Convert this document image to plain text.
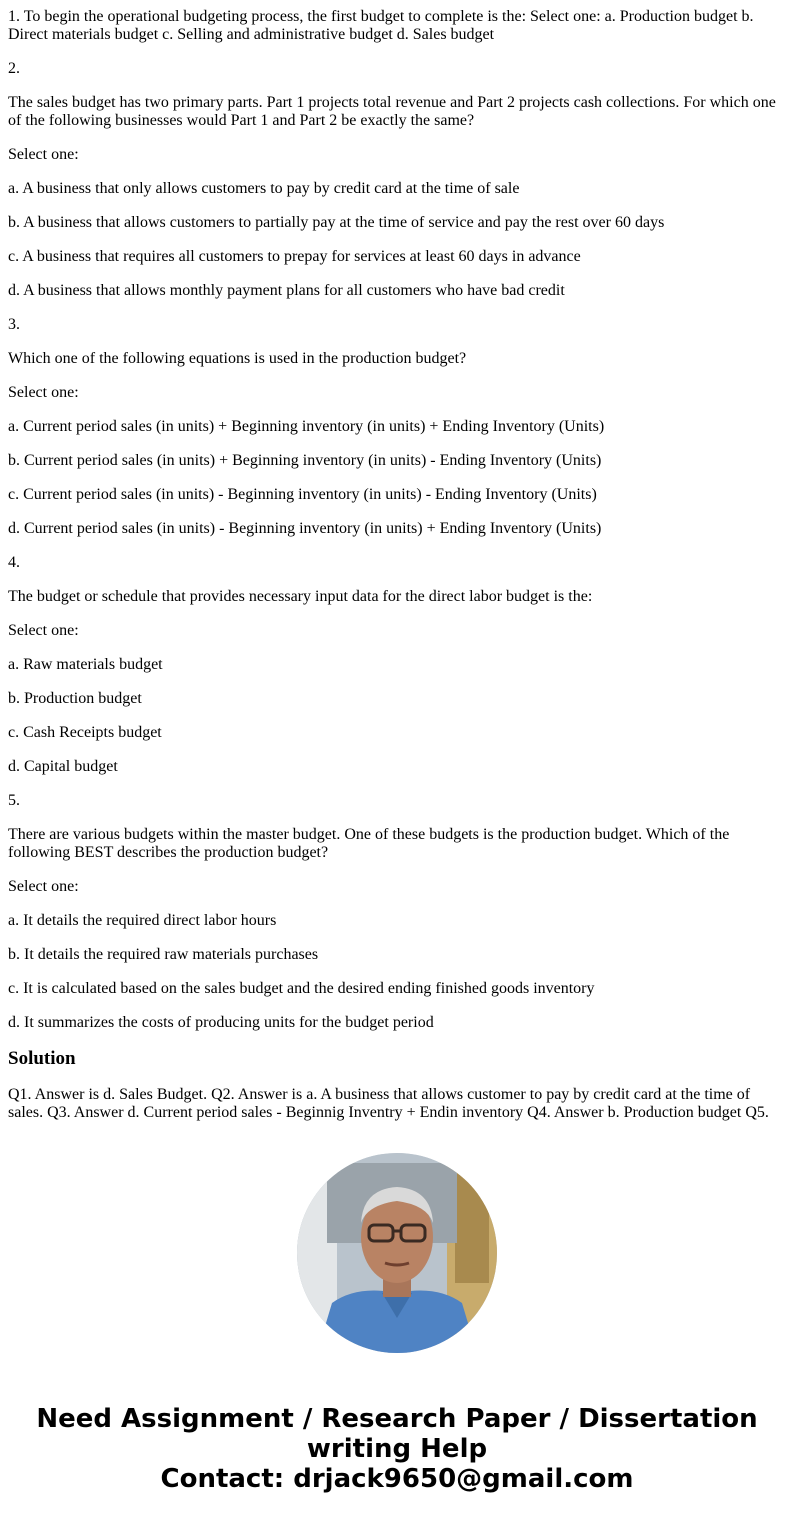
1. To begin the operational budgeting process, the first budget to complete is the: Select one: a. Production budget b. Direct materials budget c. Selling and administrative budget d. Sales budget

2.

The sales budget has two primary parts. Part 1 projects total revenue and Part 2 projects cash collections. For which one of the following businesses would Part 1 and Part 2 be exactly the same?

Select one:

a. A business that only allows customers to pay by credit card at the time of sale

b. A business that allows customers to partially pay at the time of service and pay the rest over 60 days

c. A business that requires all customers to prepay for services at least 60 days in advance

d. A business that allows monthly payment plans for all customers who have bad credit

3.

Which one of the following equations is used in the production budget?

Select one:

a. Current period sales (in units) + Beginning inventory (in units) + Ending Inventory (Units)

b. Current period sales (in units) + Beginning inventory (in units) - Ending Inventory (Units)

c. Current period sales (in units) - Beginning inventory (in units) - Ending Inventory (Units)

d. Current period sales (in units) - Beginning inventory (in units) + Ending Inventory (Units)

4.

The budget or schedule that provides necessary input data for the direct labor budget is the:

Select one:

a. Raw materials budget

b. Production budget

c. Cash Receipts budget

d. Capital budget

5.

There are various budgets within the master budget. One of these budgets is the production budget. Which of the following BEST describes the production budget?

Select one:

a. It details the required direct labor hours

b. It details the required raw materials purchases

c. It is calculated based on the sales budget and the desired ending finished goods inventory

d. It summarizes the costs of producing units for the budget period

Solution

Q1. Answer is d. Sales Budget. Q2. Answer is a. A business that allows customer to pay by credit card at the time of sales. Q3. Answer d. Current period sales - Beginnig Inventry + Endin inventory Q4. Answer b. Production budget Q5.

Need Assignment / Research Paper / Dissertation
writing Help
Contact: drjack9650@gmail.com
